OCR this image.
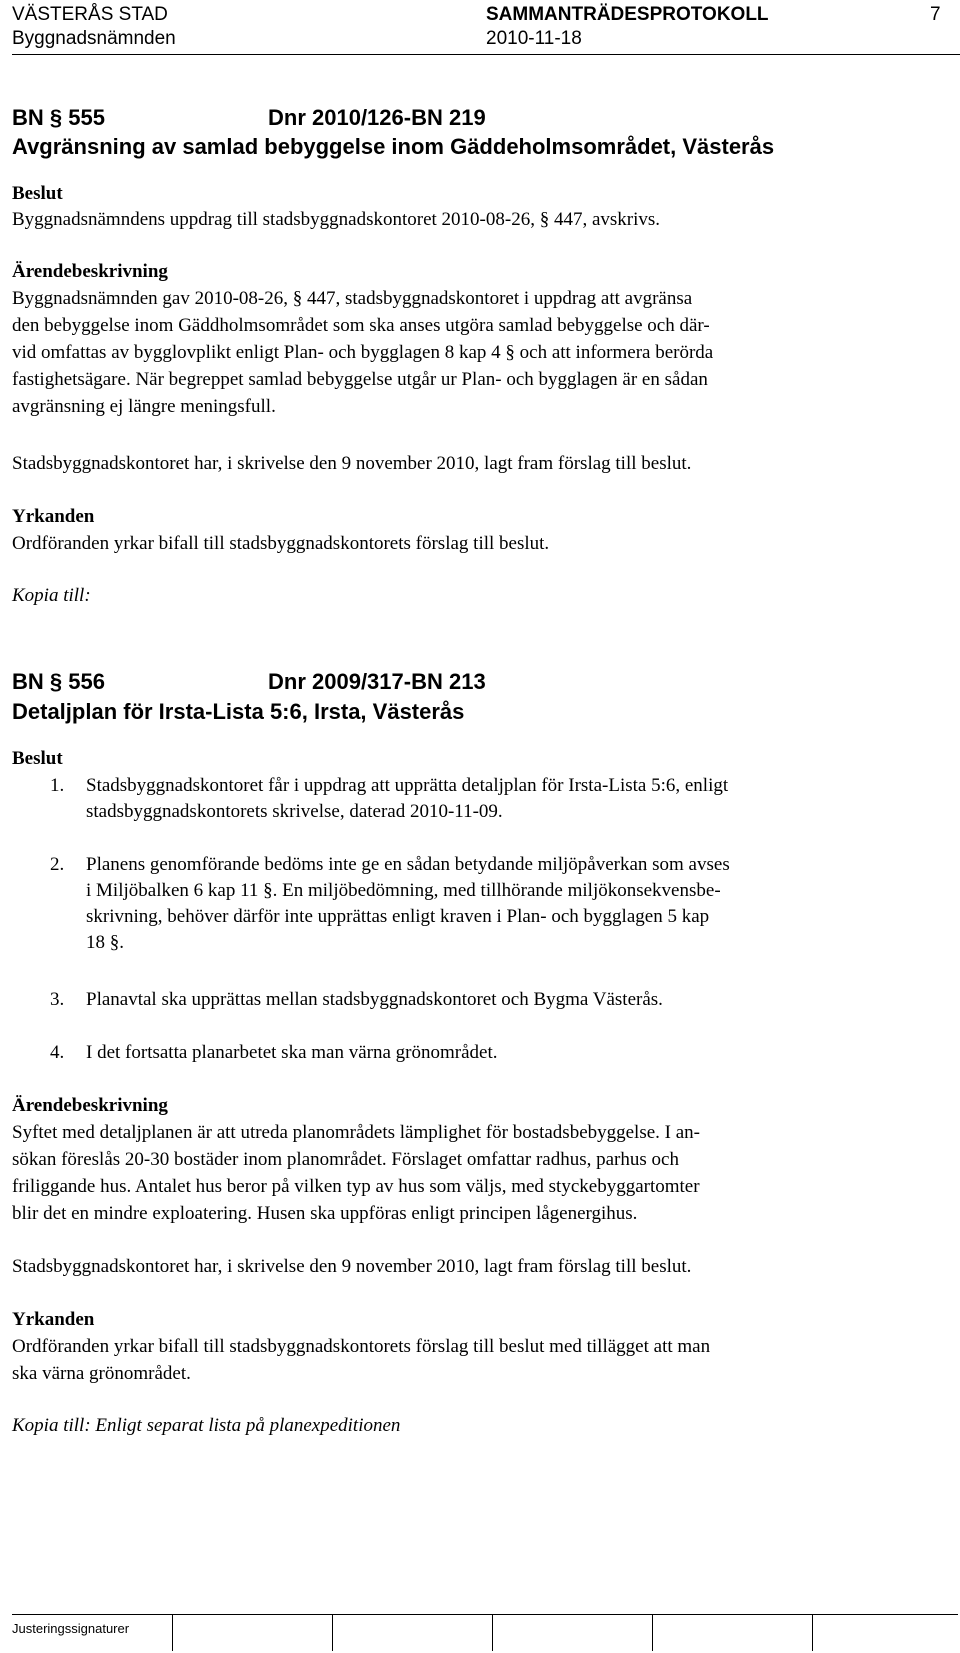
VÄSTERÅS STAD	SAMMANTRÄDESPROTOKOLL	7
Byggnadsnämnden	2010-11-18
BN § 555	Dnr 2010/126-BN 219
Avgränsning av samlad bebyggelse inom Gäddeholmsområdet, Västerås
Beslut
Byggnadsnämndens uppdrag till stadsbyggnadskontoret 2010-08-26, § 447, avskrivs.
Ärendebeskrivning
Byggnadsnämnden gav 2010-08-26, § 447, stadsbyggnadskontoret i uppdrag att avgränsa
den bebyggelse inom Gäddholmsområdet som ska anses utgöra samlad bebyggelse och där-
vid omfattas av bygglovplikt enligt Plan- och bygglagen 8 kap 4 § och att informera berörda
fastighetsägare. När begreppet samlad bebyggelse utgår ur Plan- och bygglagen är en sådan
avgränsning ej längre meningsfull.
Stadsbyggnadskontoret har, i skrivelse den 9 november 2010, lagt fram förslag till beslut.
Yrkanden
Ordföranden yrkar bifall till stadsbyggnadskontorets förslag till beslut.
Kopia till:
BN § 556	Dnr 2009/317-BN 213
Detaljplan för Irsta-Lista 5:6, Irsta, Västerås
Beslut
1. Stadsbyggnadskontoret får i uppdrag att upprätta detaljplan för Irsta-Lista 5:6, enligt
stadsbyggnadskontorets skrivelse, daterad 2010-11-09.
2. Planens genomförande bedöms inte ge en sådan betydande miljöpåverkan som avses
i Miljöbalken 6 kap 11 §. En miljöbedömning, med tillhörande miljökonsekvensbe-
skrivning, behöver därför inte upprättas enligt kraven i Plan- och bygglagen 5 kap
18 §.
3. Planavtal ska upprättas mellan stadsbyggnadskontoret och Bygma Västerås.
4. I det fortsatta planarbetet ska man värna grönområdet.
Ärendebeskrivning
Syftet med detaljplanen är att utreda planområdets lämplighet för bostadsbebyggelse. I an-
sökan föreslås 20-30 bostäder inom planområdet. Förslaget omfattar radhus, parhus och
friliggande hus. Antalet hus beror på vilken typ av hus som väljs, med styckebyggartomter
blir det en mindre exploatering. Husen ska uppföras enligt principen lågenergihus.
Stadsbyggnadskontoret har, i skrivelse den 9 november 2010, lagt fram förslag till beslut.
Yrkanden
Ordföranden yrkar bifall till stadsbyggnadskontorets förslag till beslut med tillägget att man
ska värna grönområdet.
Kopia till: Enligt separat lista på planexpeditionen
Justeringssignaturer
